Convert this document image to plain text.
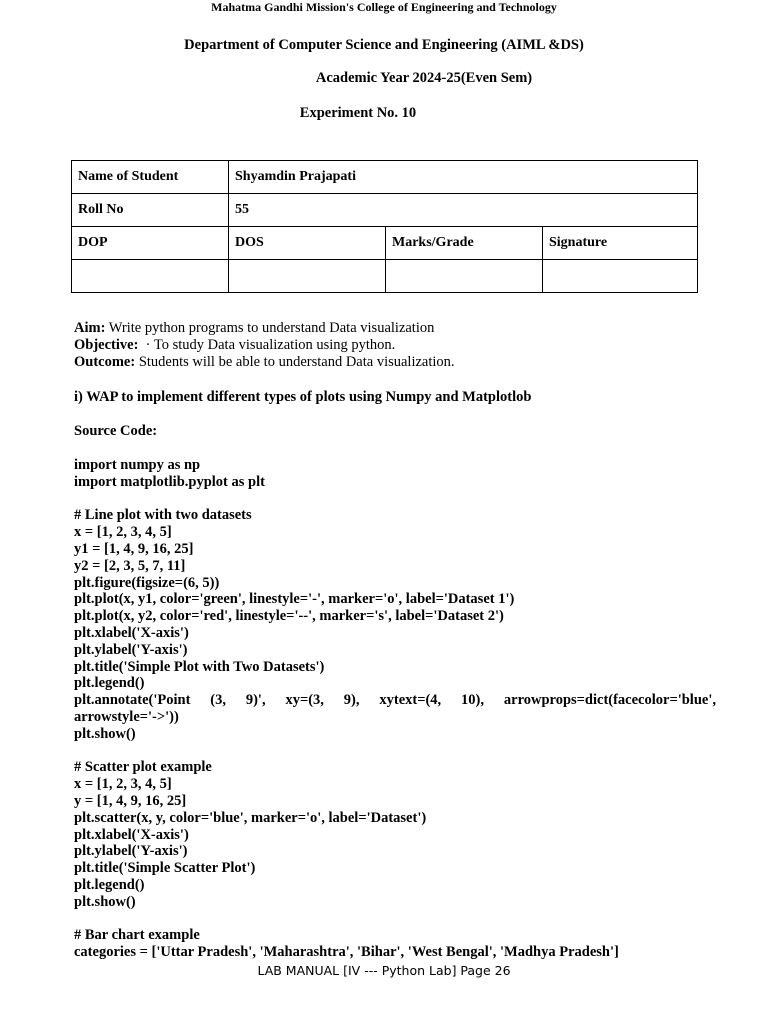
Mahatma Gandhi Mission's College of Engineering and Technology
Department of Computer Science and Engineering (AIML &DS)
Academic Year 2024-25(Even Sem)
Experiment No. 10
Name of Student	Shyamdin Prajapati		
Roll No	55		
DOP	DOS	Marks/Grade	Signature

Aim: Write python programs to understand Data visualization
Objective:  · To study Data visualization using python.
Outcome: Students will be able to understand Data visualization.
i) WAP to implement different types of plots using Numpy and Matplotlob
Source Code:
import numpy as np
import matplotlib.pyplot as plt
# Line plot with two datasets
x = [1, 2, 3, 4, 5]
y1 = [1, 4, 9, 16, 25]
y2 = [2, 3, 5, 7, 11]
plt.figure(figsize=(6, 5))
plt.plot(x, y1, color='green', linestyle='-', marker='o', label='Dataset 1')
plt.plot(x, y2, color='red', linestyle='--', marker='s', label='Dataset 2')
plt.xlabel('X-axis')
plt.ylabel('Y-axis')
plt.title('Simple Plot with Two Datasets')
plt.legend()
plt.annotate('Point (3, 9)', xy=(3, 9), xytext=(4, 10), arrowprops=dict(facecolor='blue',
arrowstyle='->'))
plt.show()
# Scatter plot example
x = [1, 2, 3, 4, 5]
y = [1, 4, 9, 16, 25]
plt.scatter(x, y, color='blue', marker='o', label='Dataset')
plt.xlabel('X-axis')
plt.ylabel('Y-axis')
plt.title('Simple Scatter Plot')
plt.legend()
plt.show()
# Bar chart example
categories = ['Uttar Pradesh', 'Maharashtra', 'Bihar', 'West Bengal', 'Madhya Pradesh']
LAB MANUAL [IV --- Python Lab] Page 26
